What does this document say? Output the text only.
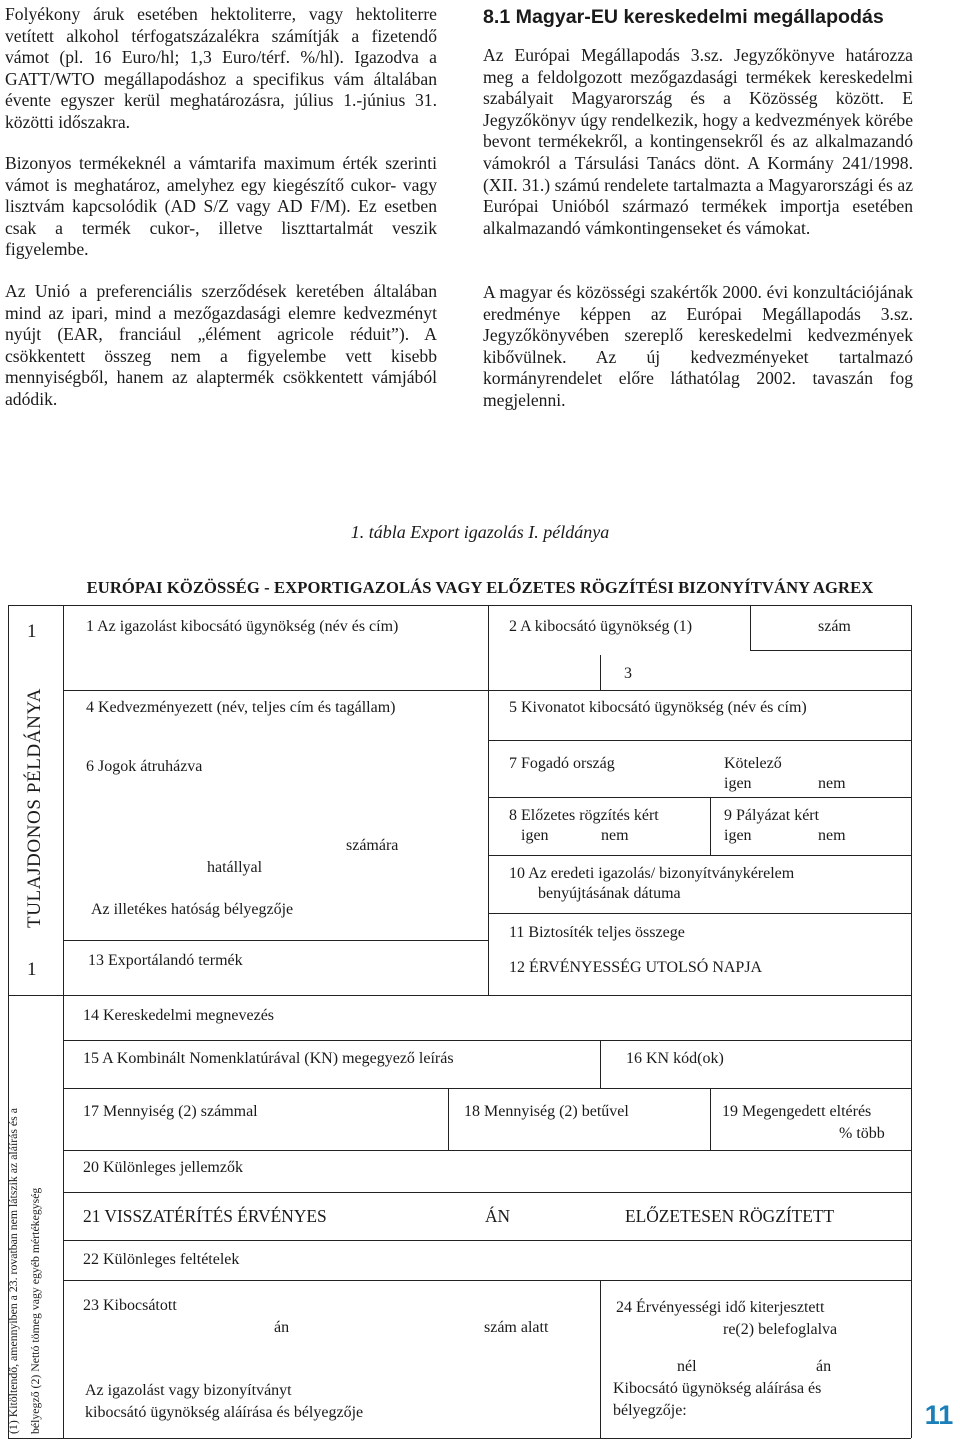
Folyékony áruk esetében hektoliterre, vagy hektoliterre vetített alkohol térfogatszázalékra számítják a fizetendő vámot (pl. 16 Euro/hl; 1,3 Euro/térf. %/hl). Igazodva a GATT/WTO megállapodáshoz a specifikus vám általában évente egyszer kerül meghatározásra, július 1.-június 31. közötti időszakra.

Bizonyos termékeknél a vámtarifa maximum érték szerinti vámot is meghatároz, amelyhez egy kiegészítő cukor- vagy lisztvám kapcsolódik (AD S/Z vagy AD F/M). Ez esetben csak a termék cukor-, illetve lisztta​rtalmát veszik figyelembe.

Az Unió a preferenciális szerződések keretében általában mind az ipari, mind a mezőgazdasági elemre kedvezményt nyújt (EAR, franciául „élément agricole réduit”). A csökkentett összeg nem a figyelembe vett kisebb mennyiségből, hanem az alaptermék csökkentett vámjából adódik.

8.1 Magyar-EU kereskedelmi megállapodás

Az Európai Megállapodás 3.sz. Jegyzőkönyve határozza meg a feldolgozott mezőgazdasági termékek kereskedelmi szabályait Magyarország és a Közösség között. E Jegyzőkönyv úgy rendelkezik, hogy a kedvezmények körébe bevont termékekről, a kontingensekről és az alkalmazandó vámokról a Társulási Tanács dönt. A Kormány 241/1998. (XII. 31.) számú rendelete tartalmazta a Magyarországi és az Európai Unióból származó termékek importja esetében alkalmazandó vámkontingenseket és vámokat.

A magyar és közösségi szakértők 2000. évi konzultációjának eredménye képpen az Európai Megállapodás 3.sz. Jegyzőkönyvében szereplő kereskedelmi kedvezmények kibővülnek. Az új kedvezményeket tartalmazó kormányrendelet előre láthatólag 2002. tavaszán fog megjelenni.

1. tábla Export igazolás I. példánya
EURÓPAI KÖZÖSSÉG - EXPORTIGAZOLÁS VAGY ELŐZETES RÖGZÍTÉSI BIZONYÍTVÁNY AGREX
1
TULAJDONOS PÉLDÁNYA
1
(1) Kitöltendő, amennyiben a 23. rovatban nem látszik az aláírás és a bélyegző (2) Nettó tömeg vagy egyéb mértékegység
1 Az igazolást kibocsátó ügynökség (név és cím)	2 A kibocsátó ügynökség (1)	szám
3
4 Kedvezményezett (név, teljes cím és tagállam)	5 Kivonatot kibocsátó ügynökség (név és cím)
6 Jogok átruházva
számára
hatállyal
Az illetékes hatóság bélyegzője
7 Fogadó ország	Kötelező
igen	nem
8 Előzetes rögzítés kért
igen	nem
9 Pályázat kért
igen	nem
10 Az eredeti igazolás/ bizonyítványkérelem
benyújtásának dátuma
11 Biztosíték teljes összege
12 ÉRVÉNYESSÉG UTOLSÓ NAPJA
13 Exportálandó termék
14 Kereskedelmi megnevezés
15 A Kombinált Nomenklatúrával (KN) megegyező leírás	16 KN kód(ok)
17 Mennyiség (2) számmal	18 Mennyiség (2) betűvel	19 Megengedett eltérés
% több
20 Különleges jellemzők
21 VISSZATÉRÍTÉS ÉRVÉNYES	ÁN	ELŐZETESEN RÖGZÍTETT
22 Különleges feltételek
23 Kibocsátott
án	szám alatt
Az igazolást vagy bizonyítványt
kibocsátó ügynökség aláírása és bélyegzője
24 Érvényességi idő kiterjesztett
re(2) belefoglalva
nél	án
Kibocsátó ügynökség aláírása és
bélyegzője:	11
